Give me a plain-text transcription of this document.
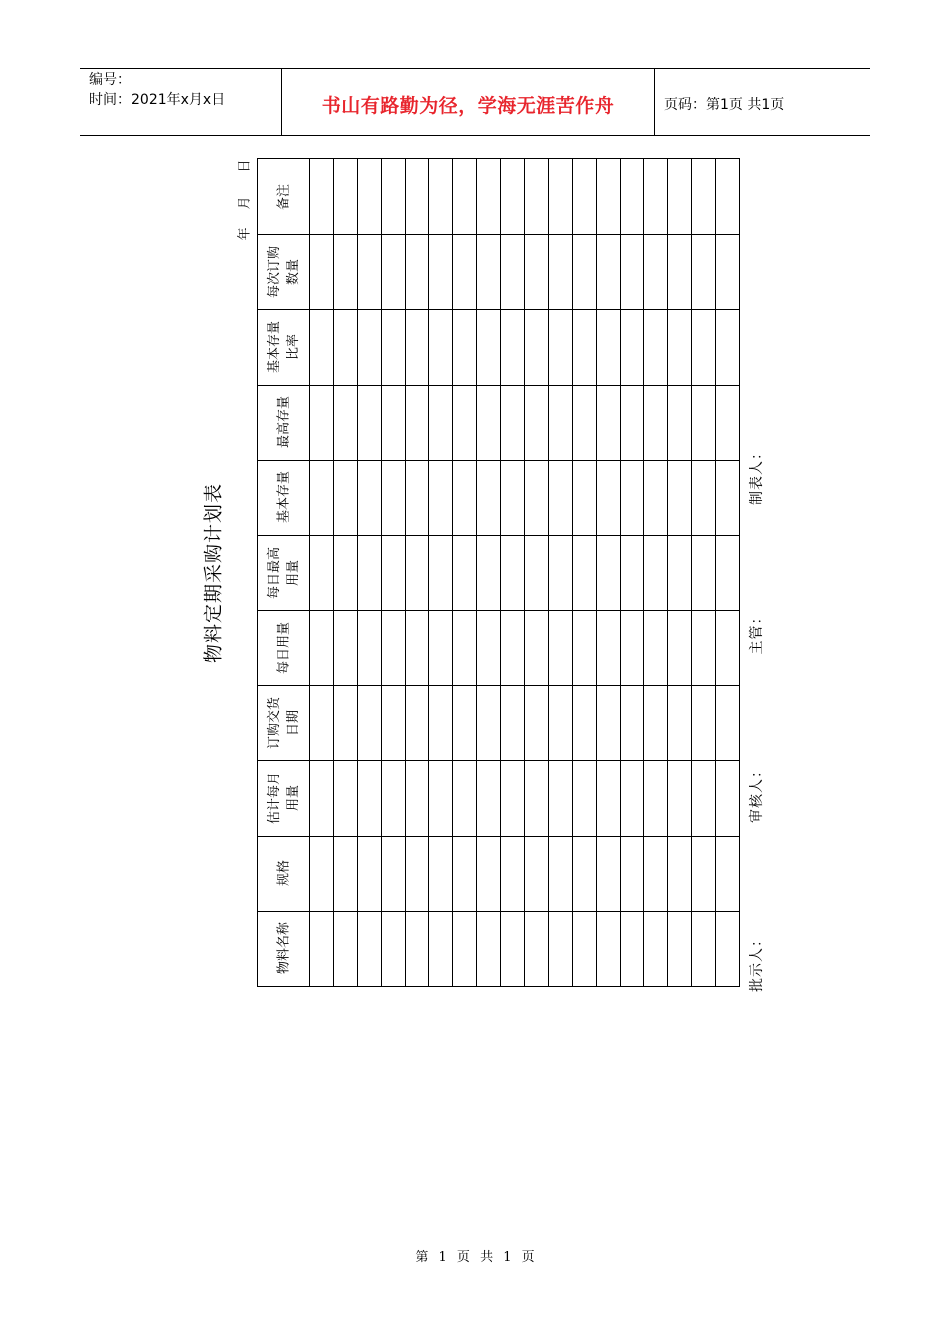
编号：
时间：2021年x月x日	书山有路勤为径，学海无涯苦作舟	页码：第1页 共1页
物料定期采购计划表
年
月
日
物料名称
规格
估计每月 用量
订购交货 日期
每日用量
每日最高 用量
基本存量
最高存量
基本存量 比率
每次订购 数量
备注
批示人：
审核人：
主管：
制表人：
第 1 页 共 1 页
